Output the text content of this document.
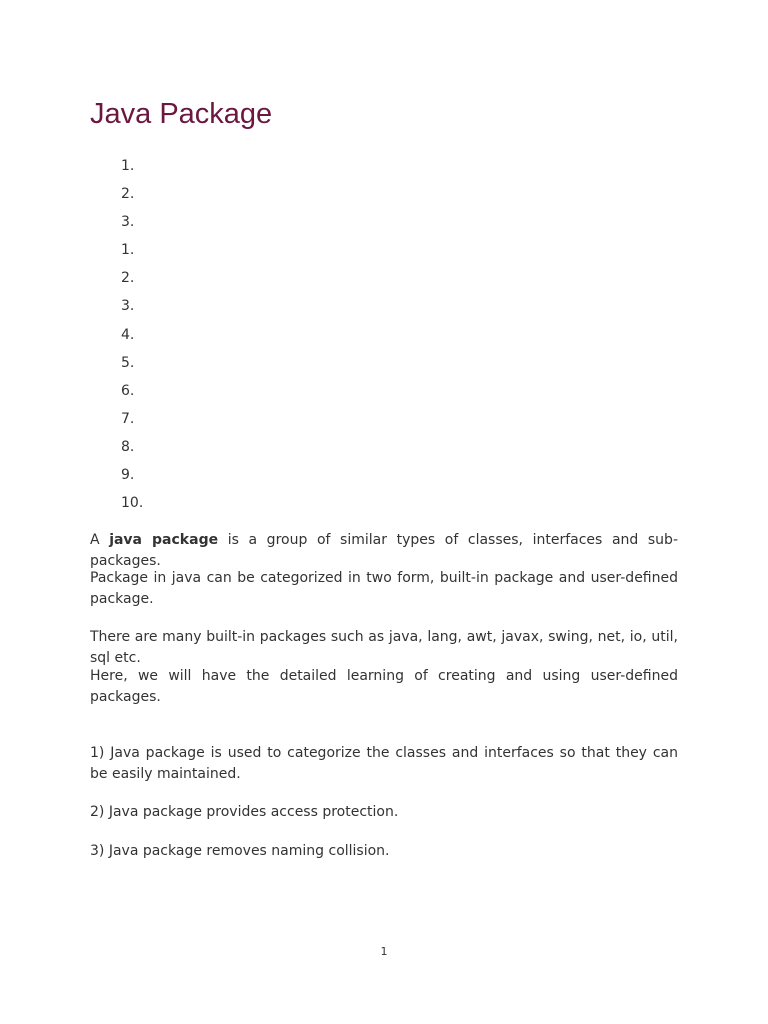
Java Package
1.
2.
3.
1.
2.
3.
4.
5.
6.
7.
8.
9.
10.

A java package is a group of similar types of classes, interfaces and sub-packages.

Package in java can be categorized in two form, built-in package and user-defined package.

There are many built-in packages such as java, lang, awt, javax, swing, net, io, util, sql etc.

Here, we will have the detailed learning of creating and using user-defined packages.

1) Java package is used to categorize the classes and interfaces so that they can be easily maintained.

2) Java package provides access protection.

3) Java package removes naming collision.

1
